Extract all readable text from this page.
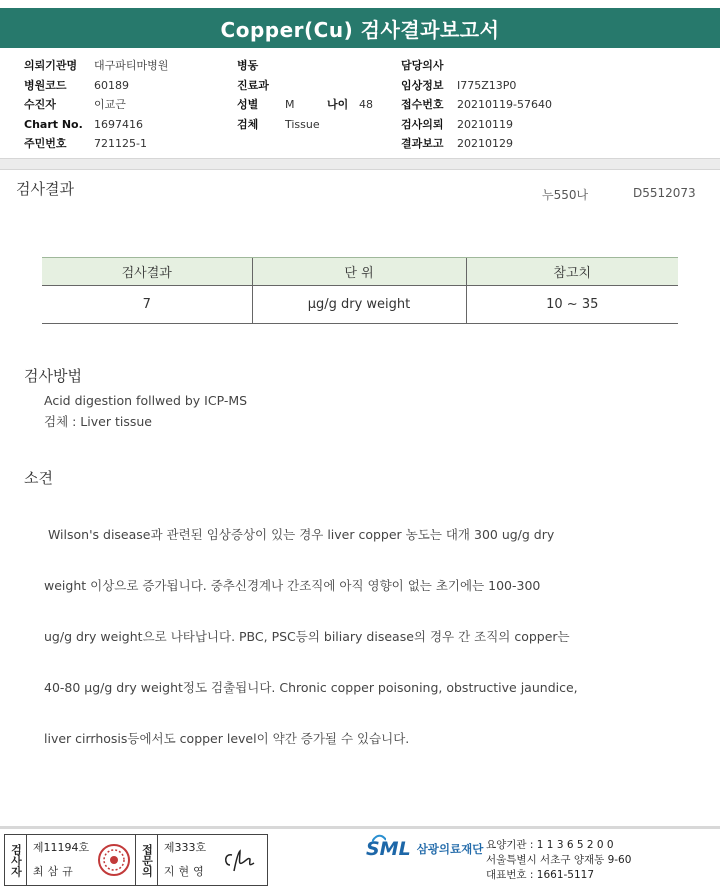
Copper(Cu) 검사결과보고서
의뢰기관명	대구파티마병원
병원코드	60189
수진자	이교근
Chart No.	1697416
주민번호	721125-1
병동
진료과
성별	M	나이 48
검체	Tissue
담당의사
임상정보	I775Z13P0
접수번호	20210119-57640
검사의뢰	20210119
결과보고	20210129
검사결과	누550나	D5512073
검사결과	단 위	참고치
7	μg/g dry weight	10 ~ 35
검사방법
Acid digestion follwed by ICP-MS
검체 : Liver tissue
소견

Wilson's disease과 관련된 임상증상이 있는 경우 liver copper 농도는 대개 300 ug/g dry

weight 이상으로 증가됩니다. 중추신경계나 간조직에 아직 영향이 없는 초기에는 100-300

ug/g dry weight으로 나타납니다. PBC, PSC등의 biliary disease의 경우 간 조직의 copper는

40-80 μg/g dry weight정도 검출됩니다. Chronic copper poisoning, obstructive jaundice,

liver cirrhosis등에서도 copper level이 약간 증가될 수 있습니다.

검사자 제11194호
최삼규	접문의 제333호
지현영
SML 삼광의료재단 요양기관 : 1 1 3 6 5 2 0 0
서울특별시 서초구 양재동 9-60
대표번호 : 1661-5117
